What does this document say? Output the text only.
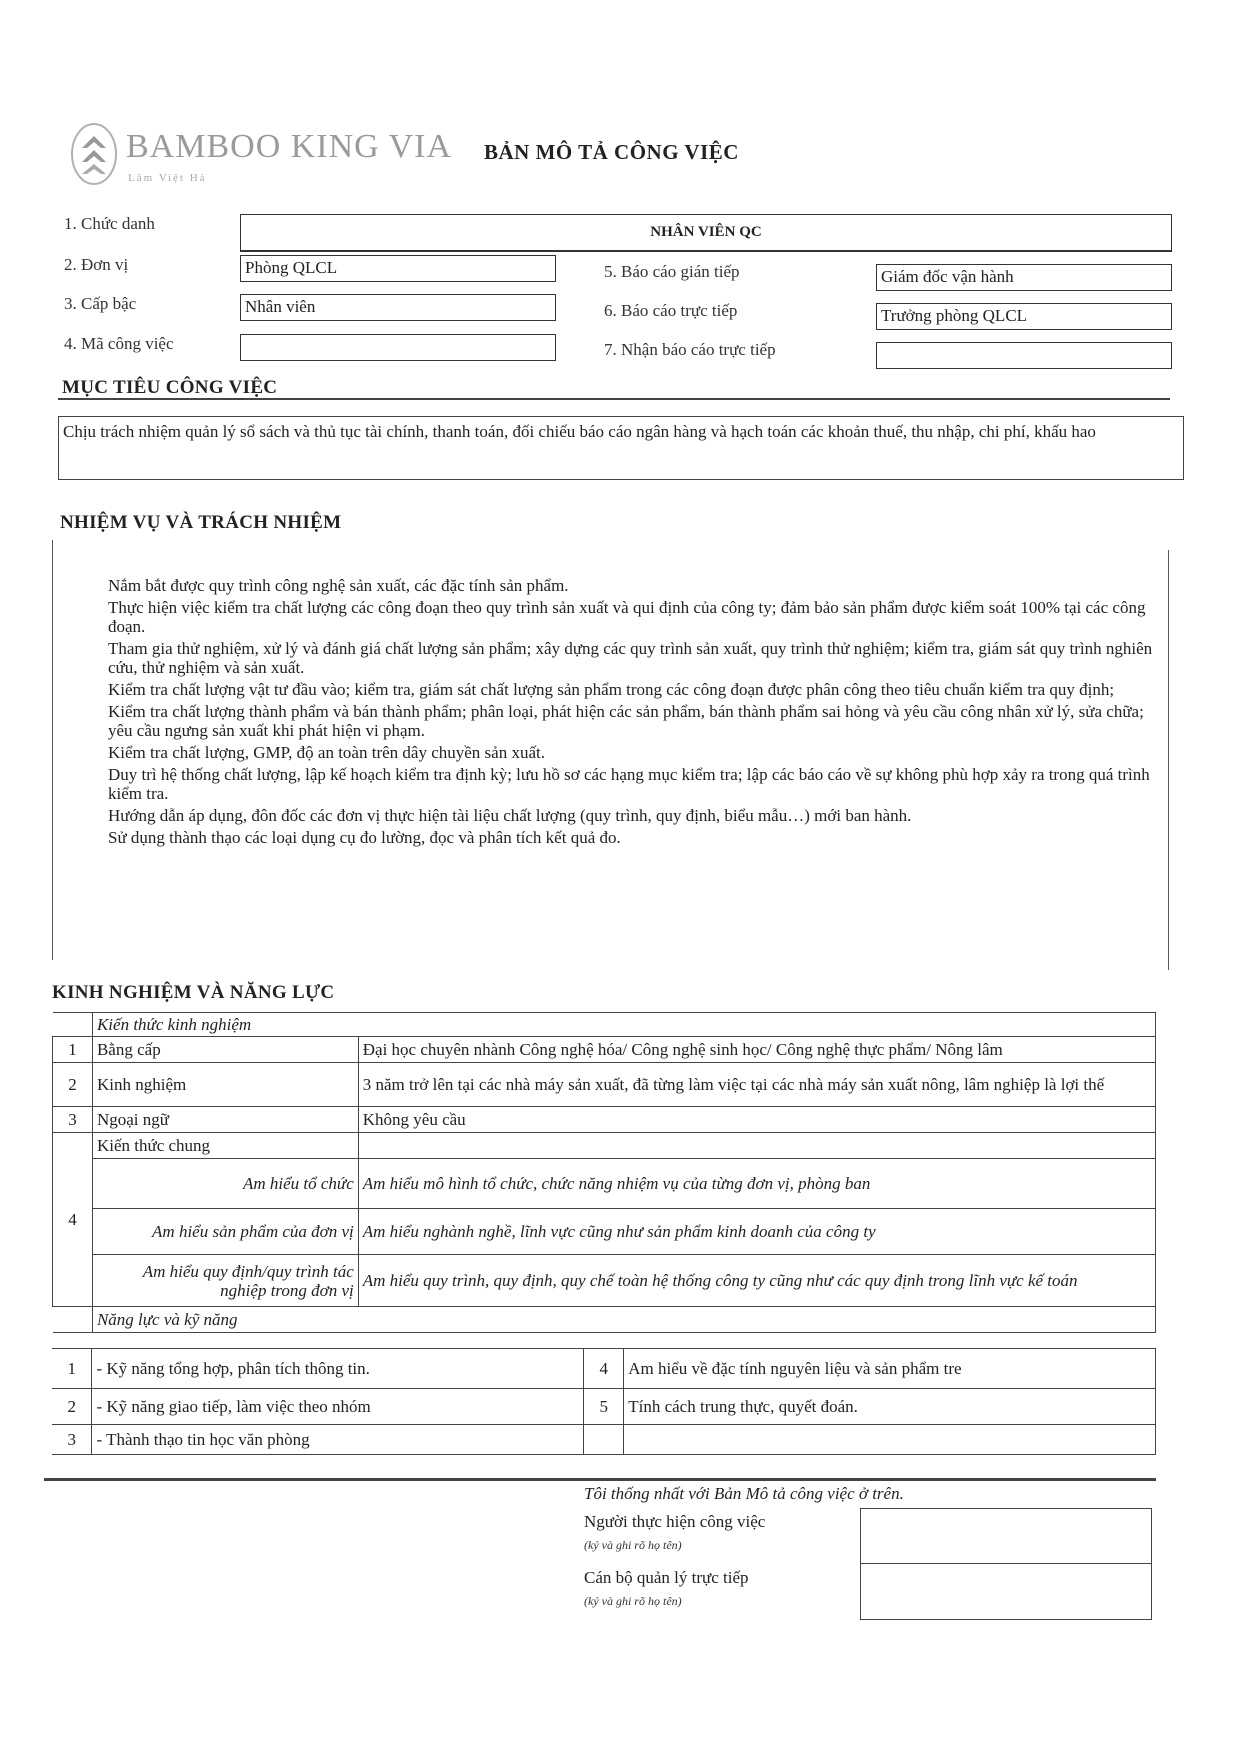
BAMBOO KING VIA
Lâm Việt Hà
BẢN MÔ TẢ CÔNG VIỆC
1. Chức danh	NHÂN VIÊN QC
2. Đơn vị	Phòng QLCL
3. Cấp bậc	Nhân viên
4. Mã công việc
5. Báo cáo gián tiếp	Giám đốc vận hành
6. Báo cáo trực tiếp	Trưởng phòng QLCL
7. Nhận báo cáo trực tiếp
MỤC TIÊU CÔNG VIỆC
Chịu trách nhiệm quản lý sổ sách và thủ tục tài chính, thanh toán, đối chiếu báo cáo ngân hàng và hạch toán các khoản thuế, thu nhập, chi phí, khấu hao
NHIỆM VỤ VÀ TRÁCH NHIỆM

Nắm bắt được quy trình công nghệ sản xuất, các đặc tính sản phẩm.

Thực hiện việc kiểm tra chất lượng các công đoạn theo quy trình sản xuất và qui định của công ty; đảm bảo sản phẩm được kiểm soát 100% tại các công đoạn.

Tham gia thử nghiệm, xử lý và đánh giá chất lượng sản phẩm; xây dựng các quy trình sản xuất, quy trình thử nghiệm; kiểm tra, giám sát quy trình nghiên cứu, thử nghiệm và sản xuất.

Kiểm tra chất lượng vật tư đầu vào; kiểm tra, giám sát chất lượng sản phẩm trong các công đoạn được phân công theo tiêu chuẩn kiểm tra quy định;

Kiểm tra chất lượng thành phẩm và bán thành phẩm; phân loại, phát hiện các sản phẩm, bán thành phẩm sai hỏng và yêu cầu công nhân xử lý, sửa chữa; yêu cầu ngưng sản xuất khi phát hiện vi phạm.

Kiểm tra chất lượng, GMP, độ an toàn trên dây chuyền sản xuất.

Duy trì hệ thống chất lượng, lập kế hoạch kiểm tra định kỳ; lưu hồ sơ các hạng mục kiểm tra; lập các báo cáo về sự không phù hợp xảy ra trong quá trình kiểm tra.

Hướng dẫn áp dụng, đôn đốc các đơn vị thực hiện tài liệu chất lượng (quy trình, quy định, biểu mẫu…) mới ban hành.

Sử dụng thành thạo các loại dụng cụ đo lường, đọc và phân tích kết quả đo.

KINH NGHIỆM VÀ NĂNG LỰC
	Kiến thức kinh nghiệm	
1	Bằng cấp	Đại học chuyên nhành Công nghệ hóa/ Công nghệ sinh học/ Công nghệ thực phẩm/ Nông lâm
2	Kinh nghiệm	3 năm trở lên tại các nhà máy sản xuất, đã từng làm việc tại các nhà máy sản xuất nông, lâm nghiệp là lợi thế
3	Ngoại ngữ	Không yêu cầu
4	Kiến thức chung	
	Am hiểu tổ chức	Am hiểu mô hình tổ chức, chức năng nhiệm vụ của từng đơn vị, phòng ban
	Am hiểu sản phẩm của đơn vị	Am hiểu nghành nghề, lĩnh vực cũng như sản phẩm kinh doanh của công ty
	Am hiểu quy định/quy trình tác nghiệp trong đơn vị	Am hiểu quy trình, quy định, quy chế toàn hệ thống công ty cũng như các quy định trong lĩnh vực kế toán
	Năng lực và kỹ năng	
1	- Kỹ năng tổng hợp, phân tích thông tin.	4	Am hiểu về đặc tính nguyên liệu và sản phẩm tre
2	- Kỹ năng giao tiếp, làm việc theo nhóm	5	Tính cách trung thực, quyết đoán.
3	- Thành thạo tin học văn phòng		
Tôi thống nhất với Bản Mô tả công việc ở trên.
Người thực hiện công việc
(ký và ghi rõ họ tên)
Cán bộ quản lý trực tiếp
(ký và ghi rõ họ tên)
